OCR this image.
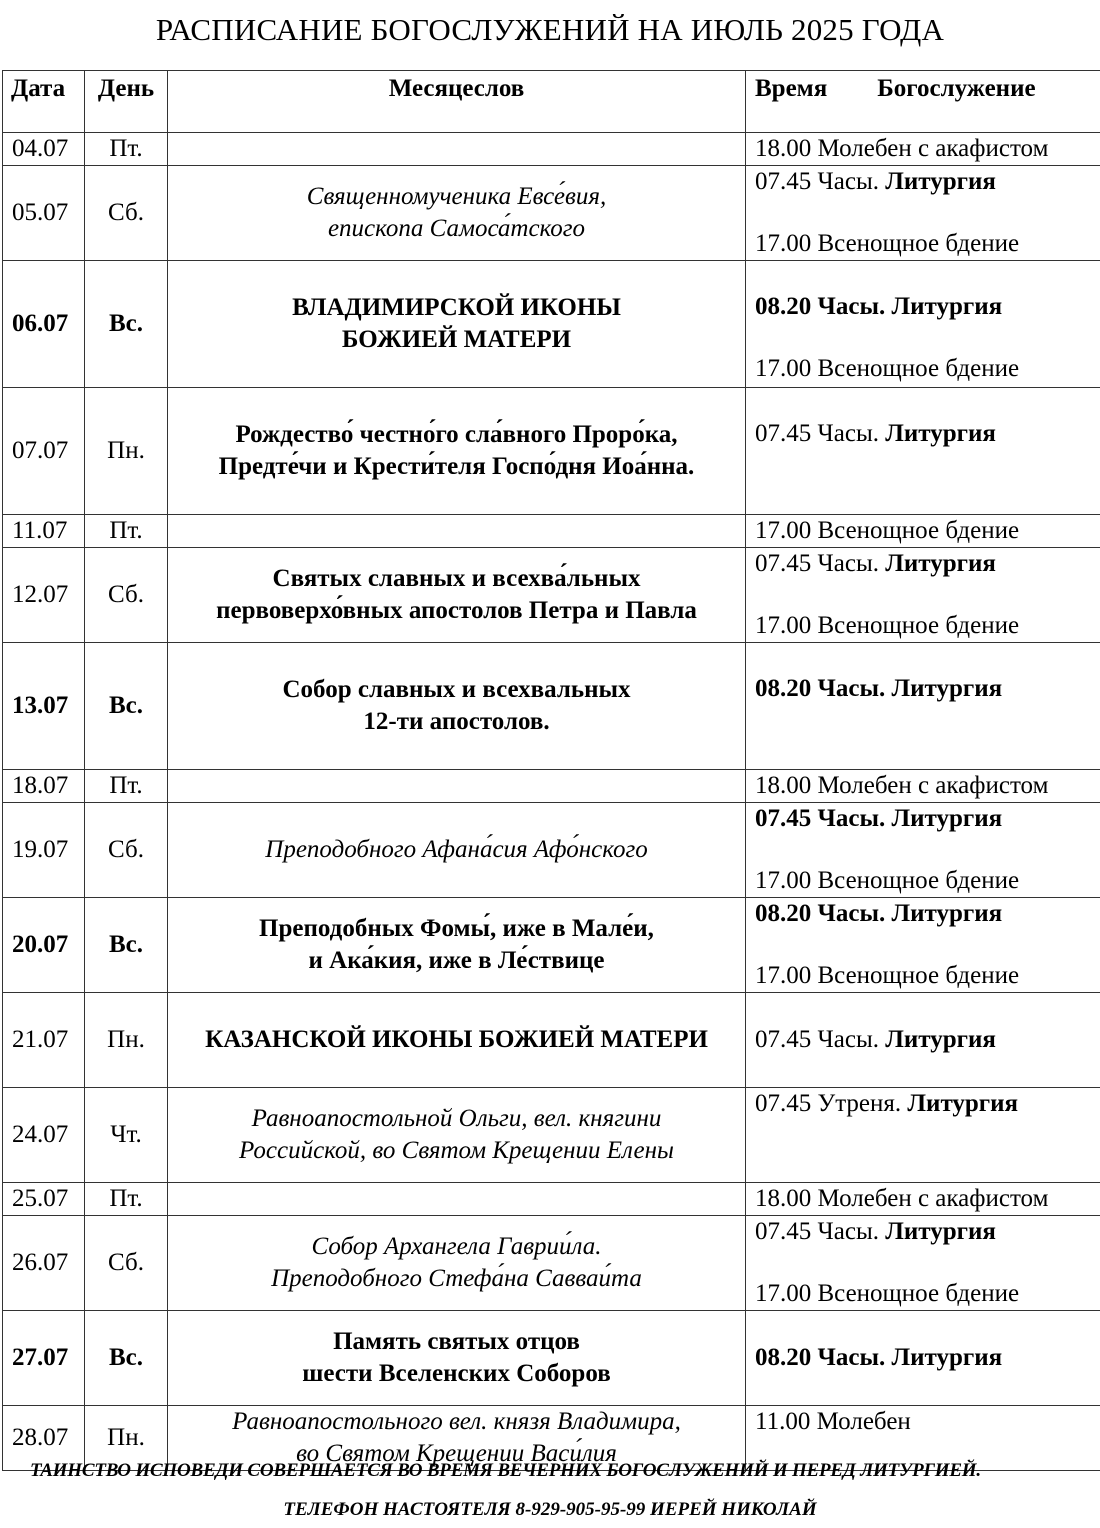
РАСПИСАНИЕ БОГОСЛУЖЕНИЙ НА ИЮЛЬ 2025 ГОДА
Дата	День	Месяцеслов	Время        Богослужение

04.07	Пт.		18.00 Молебен с акафистом

05.07	Сб.	Священномученика Евсе́вия,
епископа Самоса́тского	07.45 Часы. Литургия
17.00 Всенощное бдение

06.07	Вс.	ВЛАДИМИРСКОЙ ИКОНЫ
БОЖИЕЙ МАТЕРИ	08.20 Часы. Литургия
17.00 Всенощное бдение

07.07	Пн.	Рождество́ честно́го сла́вного Проро́ка,
Предте́чи и Крести́теля Госпо́дня Иоа́нна.	07.45 Часы. Литургия

11.07	Пт.		17.00 Всенощное бдение

12.07	Сб.	Святых славных и всехва́льных
первоверхо́вных апостолов Петра и Павла	07.45 Часы. Литургия
17.00 Всенощное бдение

13.07	Вс.	Собор славных и всехвальных
12-ти апостолов.	08.20 Часы. Литургия

18.07	Пт.		18.00 Молебен с акафистом

19.07	Сб.	Преподобного Афана́сия Афо́нского	07.45 Часы. Литургия
17.00 Всенощное бдение

20.07	Вс.	Преподобных Фомы́, иже в Мале́и,
и Ака́кия, иже в Ле́ствице	08.20 Часы. Литургия
17.00 Всенощное бдение

21.07	Пн.	КАЗАНСКОЙ ИКОНЫ БОЖИЕЙ МАТЕРИ	07.45 Часы. Литургия

24.07	Чт.	Равноапостольной Ольги, вел. княгини
Российской, во Святом Крещении Елены	07.45 Утреня. Литургия

25.07	Пт.		18.00 Молебен с акафистом

26.07	Сб.	Собор Архангела Гаврии́ла.
Преподобного Стефа́на Савваи́та	07.45 Часы. Литургия
17.00 Всенощное бдение

27.07	Вс.	Память святых отцов
шести Вселенских Соборов	08.20 Часы. Литургия

28.07	Пн.	Равноапостольного вел. князя Владимира,
во Святом Крещении Васи́лия	11.00 Молебен
ТАИНСТВО ИСПОВЕДИ СОВЕРШАЕТСЯ ВО ВРЕМЯ ВЕЧЕРНИХ БОГОСЛУЖЕНИЙ И ПЕРЕД ЛИТУРГИЕЙ.
ТЕЛЕФОН НАСТОЯТЕЛЯ 8-929-905-95-99 ИЕРЕЙ НИКОЛАЙ
